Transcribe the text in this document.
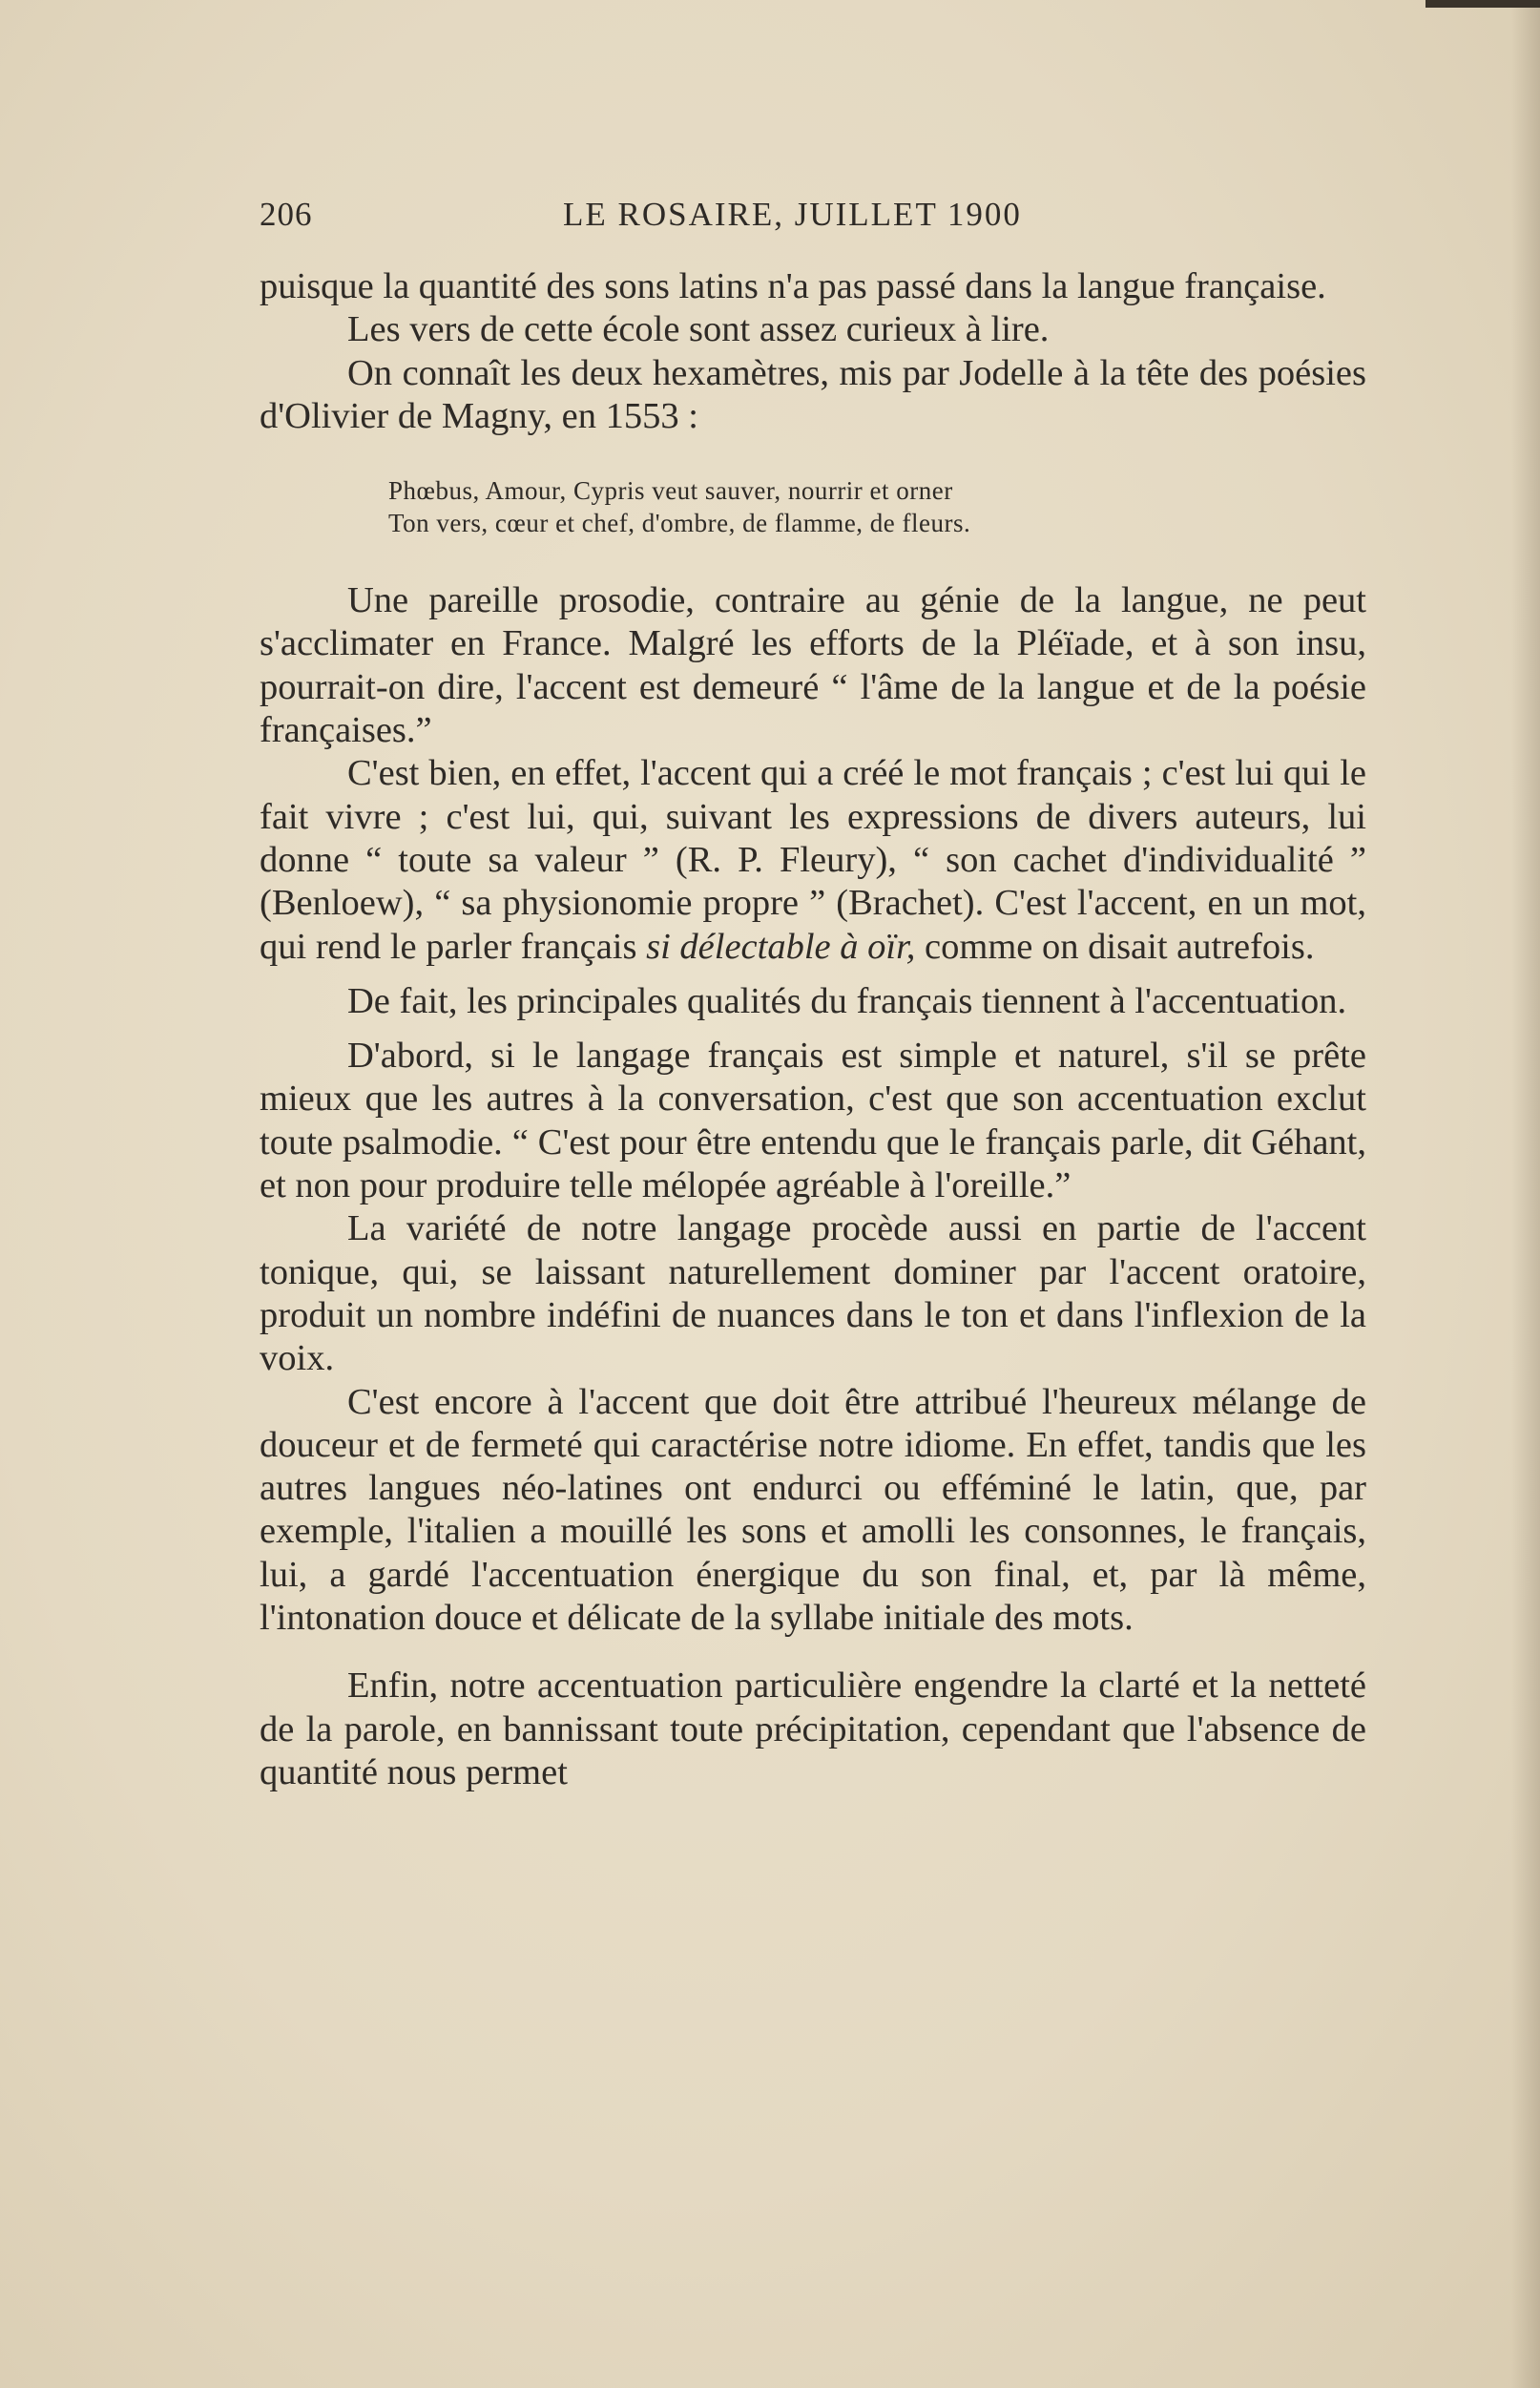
206	LE ROSAIRE, JUILLET 1900

puisque la quantité des sons latins n'a pas passé dans la langue française.

Les vers de cette école sont assez curieux à lire.

On connaît les deux hexamètres, mis par Jodelle à la tête des poésies d'Olivier de Magny, en 1553 :

Phœbus, Amour, Cypris veut sauver, nourrir et orner
Ton vers, cœur et chef, d'ombre, de flamme, de fleurs.

Une pareille prosodie, contraire au génie de la langue, ne peut s'acclimater en France. Malgré les efforts de la Pléïade, et à son insu, pourrait-on dire, l'accent est demeuré “ l'âme de la langue et de la poésie françaises.”

C'est bien, en effet, l'accent qui a créé le mot français ; c'est lui qui le fait vivre ; c'est lui, qui, suivant les expressions de divers auteurs, lui donne “ toute sa valeur ” (R. P. Fleury), “ son cachet d'individualité ” (Benloew), “ sa physionomie propre ” (Brachet). C'est l'accent, en un mot, qui rend le parler français si délectable à oïr, comme on disait autrefois.

De fait, les principales qualités du français tiennent à l'accentuation.

D'abord, si le langage français est simple et naturel, s'il se prête mieux que les autres à la conversation, c'est que son accentuation exclut toute psalmodie. “ C'est pour être entendu que le français parle, dit Géhant, et non pour produire telle mélopée agréable à l'oreille.”

La variété de notre langage procède aussi en partie de l'accent tonique, qui, se laissant naturellement dominer par l'accent oratoire, produit un nombre indéfini de nuances dans le ton et dans l'inflexion de la voix.

C'est encore à l'accent que doit être attribué l'heureux mélange de douceur et de fermeté qui caractérise notre idiome. En effet, tandis que les autres langues néo-latines ont endurci ou efféminé le latin, que, par exemple, l'italien a mouillé les sons et amolli les consonnes, le français, lui, a gardé l'accentuation énergique du son final, et, par là même, l'intonation douce et délicate de la syllabe initiale des mots.

Enfin, notre accentuation particulière engendre la clarté et la netteté de la parole, en bannissant toute précipitation, cependant que l'absence de quantité nous permet
